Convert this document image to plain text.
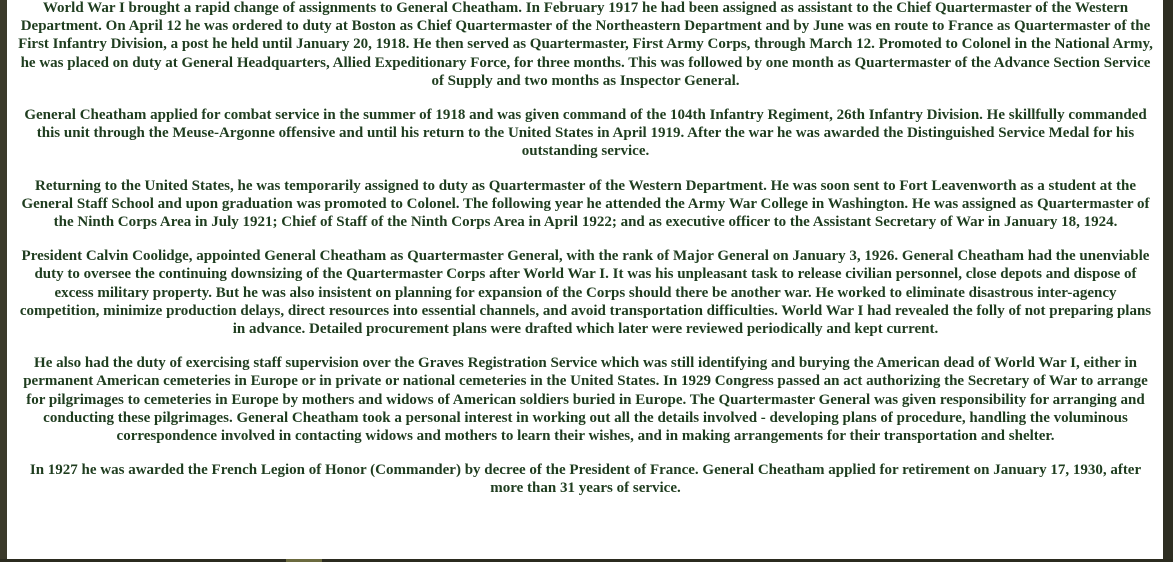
World War I brought a rapid change of assignments to General Cheatham. In February 1917 he had been assigned as assistant to the Chief Quartermaster of the Western Department. On April 12 he was ordered to duty at Boston as Chief Quartermaster of the Northeastern Department and by June was en route to France as Quartermaster of the First Infantry Division, a post he held until January 20, 1918. He then served as Quartermaster, First Army Corps, through March 12. Promoted to Colonel in the National Army, he was placed on duty at General Headquarters, Allied Expeditionary Force, for three months. This was followed by one month as Quartermaster of the Advance Section Service of Supply and two months as Inspector General.

General Cheatham applied for combat service in the summer of 1918 and was given command of the 104th Infantry Regiment, 26th Infantry Division. He skillfully commanded this unit through the Meuse-Argonne offensive and until his return to the United States in April 1919. After the war he was awarded the Distinguished Service Medal for his outstanding service.

Returning to the United States, he was temporarily assigned to duty as Quartermaster of the Western Department. He was soon sent to Fort Leavenworth as a student at the General Staff School and upon graduation was promoted to Colonel. The following year he attended the Army War College in Washington. He was assigned as Quartermaster of the Ninth Corps Area in July 1921; Chief of Staff of the Ninth Corps Area in April 1922; and as executive officer to the Assistant Secretary of War in January 18, 1924.

President Calvin Coolidge, appointed General Cheatham as Quartermaster General, with the rank of Major General on January 3, 1926. General Cheatham had the unenviable duty to oversee the continuing downsizing of the Quartermaster Corps after World War I. It was his unpleasant task to release civilian personnel, close depots and dispose of excess military property. But he was also insistent on planning for expansion of the Corps should there be another war. He worked to eliminate disastrous inter-agency competition, minimize production delays, direct resources into essential channels, and avoid transportation difficulties. World War I had revealed the folly of not preparing plans in advance. Detailed procurement plans were drafted which later were reviewed periodically and kept current.

He also had the duty of exercising staff supervision over the Graves Registration Service which was still identifying and burying the American dead of World War I, either in permanent American cemeteries in Europe or in private or national cemeteries in the United States. In 1929 Congress passed an act authorizing the Secretary of War to arrange for pilgrimages to cemeteries in Europe by mothers and widows of American soldiers buried in Europe. The Quartermaster General was given responsibility for arranging and conducting these pilgrimages. General Cheatham took a personal interest in working out all the details involved - developing plans of procedure, handling the voluminous correspondence involved in contacting widows and mothers to learn their wishes, and in making arrangements for their transportation and shelter.

In 1927 he was awarded the French Legion of Honor (Commander) by decree of the President of France. General Cheatham applied for retirement on January 17, 1930, after more than 31 years of service.
